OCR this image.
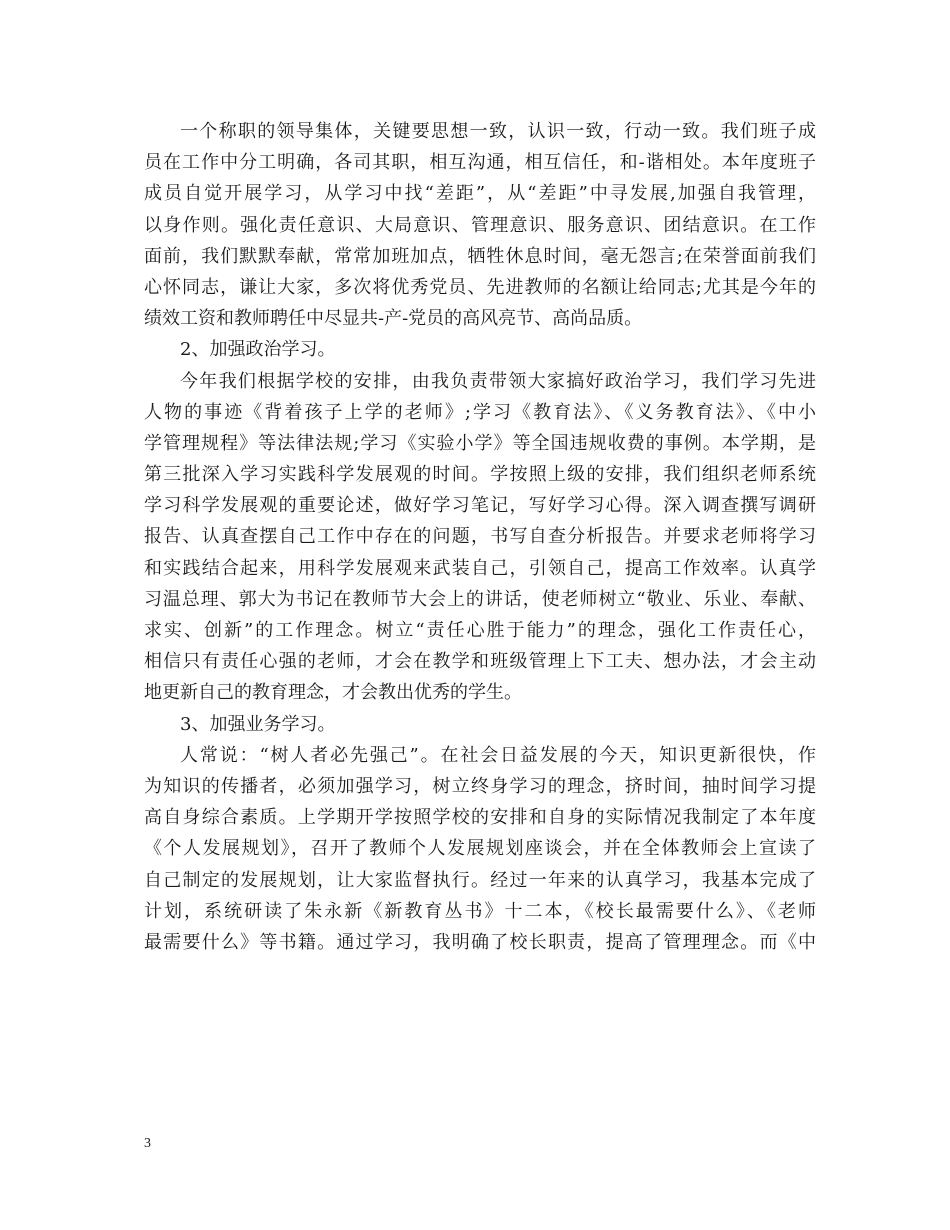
一个称职的领导集体，关键要思想一致，认识一致，行动一致。我们班子成
员在工作中分工明确，各司其职，相互沟通，相互信任，和-谐相处。本年度班子
成员自觉开展学习，从学习中找“差距”，从“差距”中寻发展,加强自我管理，
以身作则。强化责任意识、大局意识、管理意识、服务意识、团结意识。在工作
面前，我们默默奉献，常常加班加点，牺牲休息时间，毫无怨言;在荣誉面前我们
心怀同志，谦让大家，多次将优秀党员、先进教师的名额让给同志;尤其是今年的
绩效工资和教师聘任中尽显共-产-党员的高风亮节、高尚品质。
2、加强政治学习。
今年我们根据学校的安排，由我负责带领大家搞好政治学习，我们学习先进
人物的事迹《背着孩子上学的老师》;学习《教育法》、《义务教育法》、《中小
学管理规程》等法律法规;学习《实验小学》等全国违规收费的事例。本学期，是
第三批深入学习实践科学发展观的时间。学按照上级的安排，我们组织老师系统
学习科学发展观的重要论述，做好学习笔记，写好学习心得。深入调查撰写调研
报告、认真查摆自己工作中存在的问题，书写自查分析报告。并要求老师将学习
和实践结合起来，用科学发展观来武装自己，引领自己，提高工作效率。认真学
习温总理、郭大为书记在教师节大会上的讲话，使老师树立“敬业、乐业、奉献、
求实、创新”的工作理念。树立“责任心胜于能力”的理念，强化工作责任心，
相信只有责任心强的老师，才会在教学和班级管理上下工夫、想办法，才会主动
地更新自己的教育理念，才会教出优秀的学生。
3、加强业务学习。
人常说：“树人者必先强己”。在社会日益发展的今天，知识更新很快，作
为知识的传播者，必须加强学习，树立终身学习的理念，挤时间，抽时间学习提
高自身综合素质。上学期开学按照学校的安排和自身的实际情况我制定了本年度
《个人发展规划》，召开了教师个人发展规划座谈会，并在全体教师会上宣读了
自己制定的发展规划，让大家监督执行。经过一年来的认真学习，我基本完成了
计划，系统研读了朱永新《新教育丛书》十二本，《校长最需要什么》、《老师
最需要什么》等书籍。通过学习，我明确了校长职责，提高了管理理念。而《中
3
